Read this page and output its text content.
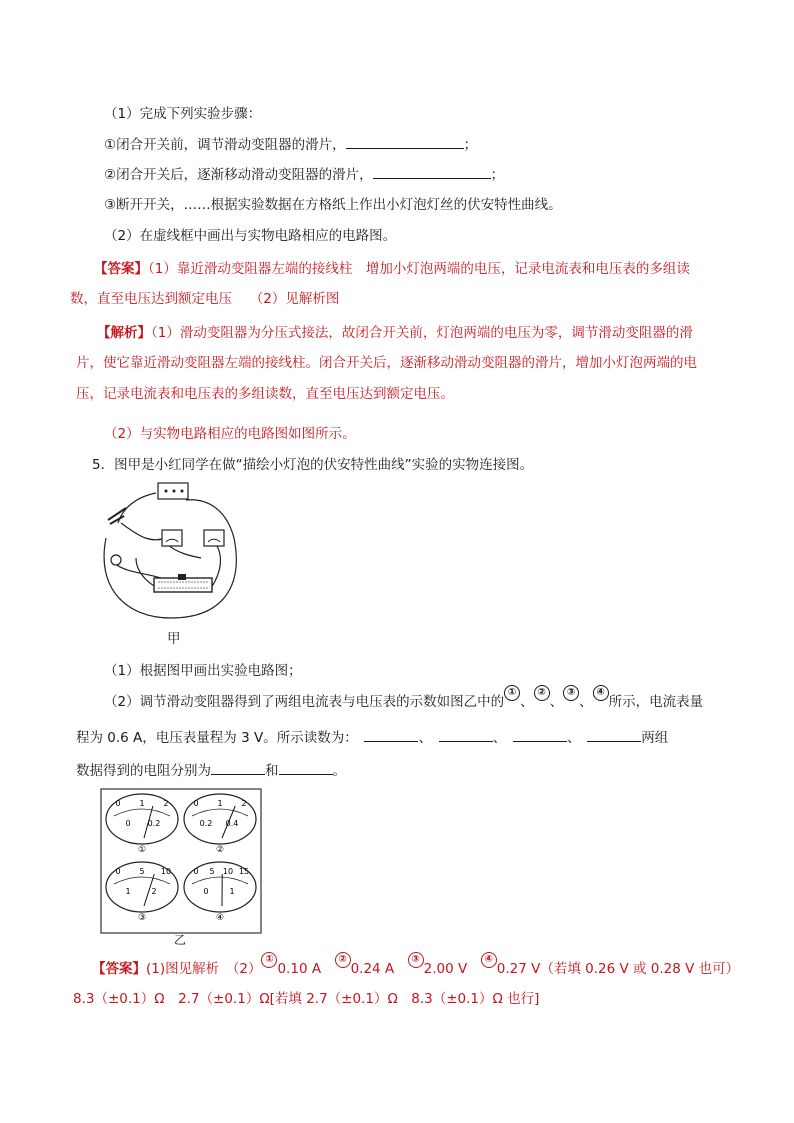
（1）完成下列实验步骤：
①闭合开关前，调节滑动变阻器的滑片，	；
②闭合开关后，逐渐移动滑动变阻器的滑片，	；
③断开开关，……根据实验数据在方格纸上作出小灯泡灯丝的伏安特性曲线。
（2）在虚线框中画出与实物电路相应的电路图。
【答案】（1）靠近滑动变阻器左端的接线柱　增加小灯泡两端的电压，记录电流表和电压表的多组读
数，直至电压达到额定电压　 （2）见解析图
【解析】（1）滑动变阻器为分压式接法，故闭合开关前，灯泡两端的电压为零，调节滑动变阻器的滑
片，使它靠近滑动变阻器左端的接线柱。闭合开关后，逐渐移动滑动变阻器的滑片，增加小灯泡两端的电
压，记录电流表和电压表的多组读数，直至电压达到额定电压。
（2）与实物电路相应的电路图如图所示。
5．图甲是小红同学在做“描绘小灯泡的伏安特性曲线”实验的实物连接图。
甲
（1）根据图甲画出实验电路图；
（2）调节滑动变阻器得到了两组电流表与电压表的示数如图乙中的①、②、③、④所示，电流表量
程为 0.6 A，电压表量程为 3 V。所示读数为：　	、　	、　	、　	两组
数据得到的电阻分别为	和	。
0 1 2
0 0.2
①
0 1 2
0.2 0.4
②
0 5 10
1	2
③
0 5 10 15
0	1
④
乙
【答案】(1)图见解析　（2）①0.10 A　②0.24 A　③2.00 V　④0.27 V（若填 0.26 V 或 0.28 V 也可）
8.3（±0.1）Ω　2.7（±0.1）Ω[若填 2.7（±0.1）Ω　8.3（±0.1）Ω 也行]
